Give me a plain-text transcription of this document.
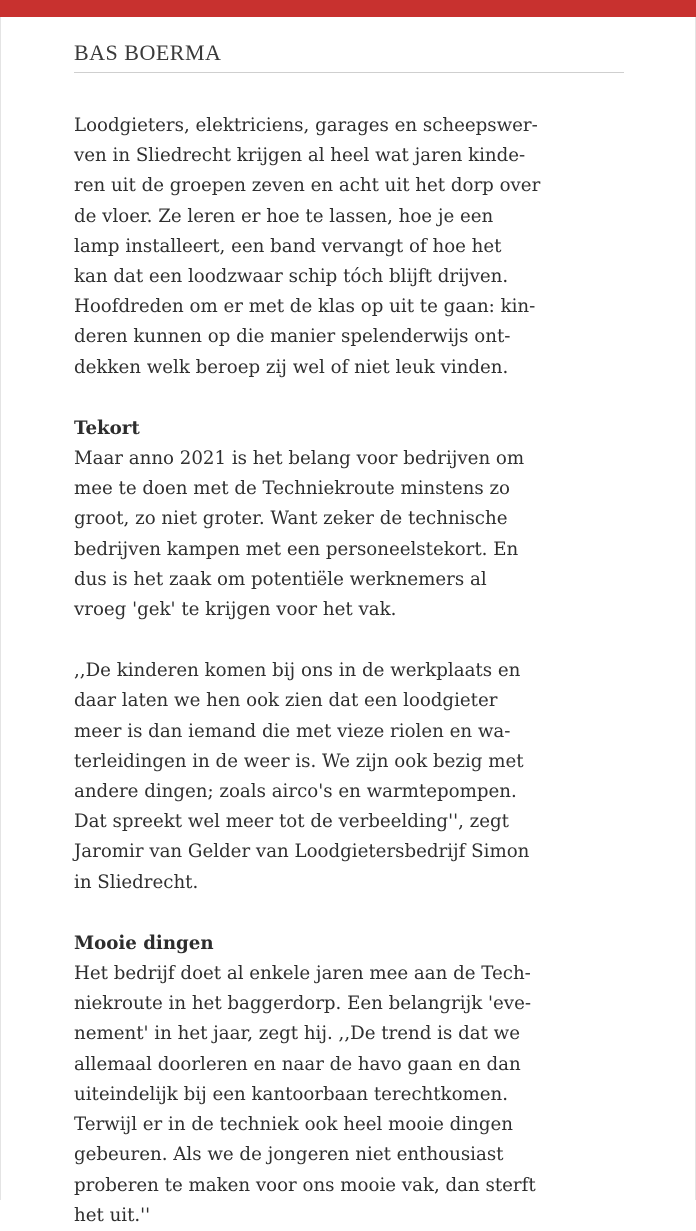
BAS BOERMA

Loodgieters, elektriciens, garages en scheepswer-
ven in Sliedrecht krijgen al heel wat jaren kinde-
ren uit de groepen zeven en acht uit het dorp over
de vloer. Ze leren er hoe te lassen, hoe je een
lamp installeert, een band vervangt of hoe het
kan dat een loodzwaar schip tóch blijft drijven.
Hoofdreden om er met de klas op uit te gaan: kin-
deren kunnen op die manier spelenderwijs ont-
dekken welk beroep zij wel of niet leuk vinden.

Tekort

Maar anno 2021 is het belang voor bedrijven om
mee te doen met de Techniekroute minstens zo
groot, zo niet groter. Want zeker de technische
bedrijven kampen met een personeelstekort. En
dus is het zaak om potentiële werknemers al
vroeg 'gek' te krijgen voor het vak.

,,De kinderen komen bij ons in de werkplaats en
daar laten we hen ook zien dat een loodgieter
meer is dan iemand die met vieze riolen en wa-
terleidingen in de weer is. We zijn ook bezig met
andere dingen; zoals airco's en warmtepompen.
Dat spreekt wel meer tot de verbeelding'', zegt
Jaromir van Gelder van Loodgietersbedrijf Simon
in Sliedrecht.

Mooie dingen

Het bedrijf doet al enkele jaren mee aan de Tech-
niekroute in het baggerdorp. Een belangrijk 'eve-
nement' in het jaar, zegt hij. ,,De trend is dat we
allemaal doorleren en naar de havo gaan en dan
uiteindelijk bij een kantoorbaan terechtkomen.
Terwijl er in de techniek ook heel mooie dingen
gebeuren. Als we de jongeren niet enthousiast
proberen te maken voor ons mooie vak, dan sterft
het uit.''
